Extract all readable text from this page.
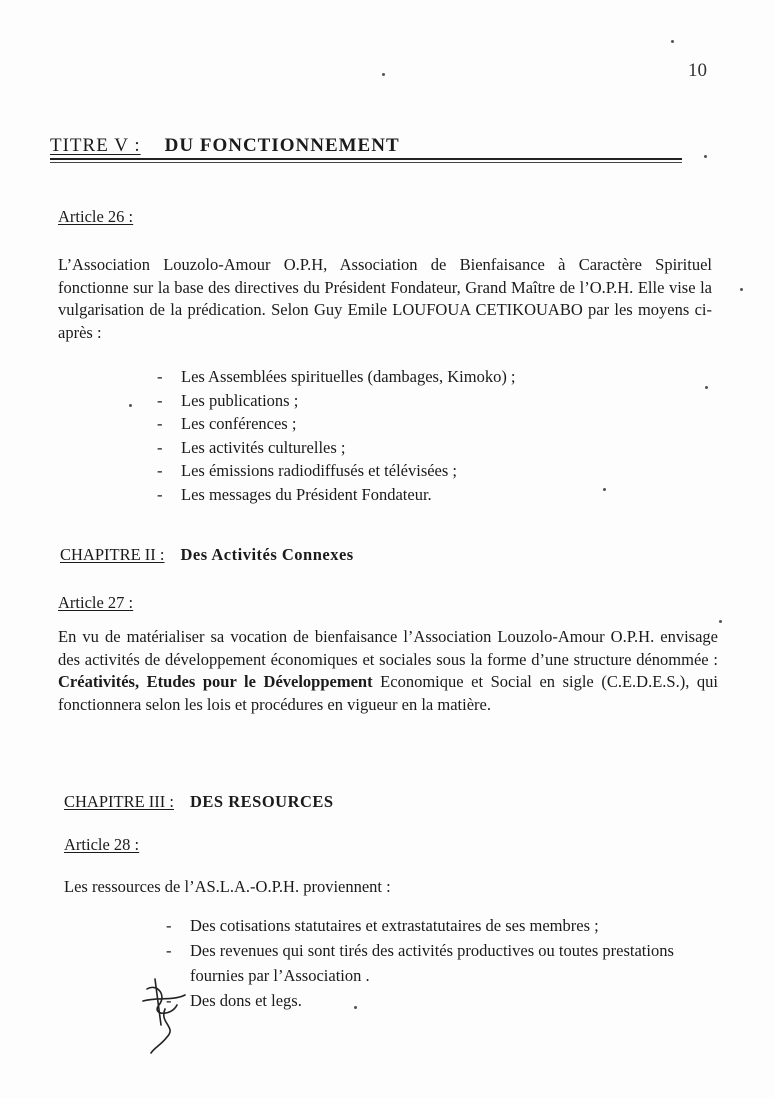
10
TITRE V : DU FONCTIONNEMENT
Article 26 :
L’Association Louzolo-Amour O.P.H, Association de Bienfaisance à Caractère Spirituel fonctionne sur la base des directives du Président Fondateur, Grand Maître de l’O.P.H. Elle vise la vulgarisation de la prédication. Selon Guy Emile LOUFOUA CETIKOUABO par les moyens ci-après :
- Les Assemblées spirituelles (dambages, Kimoko) ;
- Les publications ;
- Les conférences ;
- Les activités culturelles ;
- Les émissions radiodiffusés et télévisées ;
- Les messages du Président Fondateur.
CHAPITRE II : Des Activités Connexes
Article 27 :
En vu de matérialiser sa vocation de bienfaisance l’Association Louzolo-Amour O.P.H. envisage des activités de développement économiques et sociales sous la forme d’une structure dénommée : Créativités, Etudes pour le Développement Economique et Social en sigle (C.E.D.E.S.), qui fonctionnera selon les lois et procédures en vigueur en la matière.
CHAPITRE III : DES RESOURCES
Article 28 :
Les ressources de l’AS.L.A.-O.P.H. proviennent :
- Des cotisations statutaires et extrastatutaires de ses membres ;
- Des revenues qui sont tirés des activités productives ou toutes prestations fournies par l’Association .
- Des dons et legs.
